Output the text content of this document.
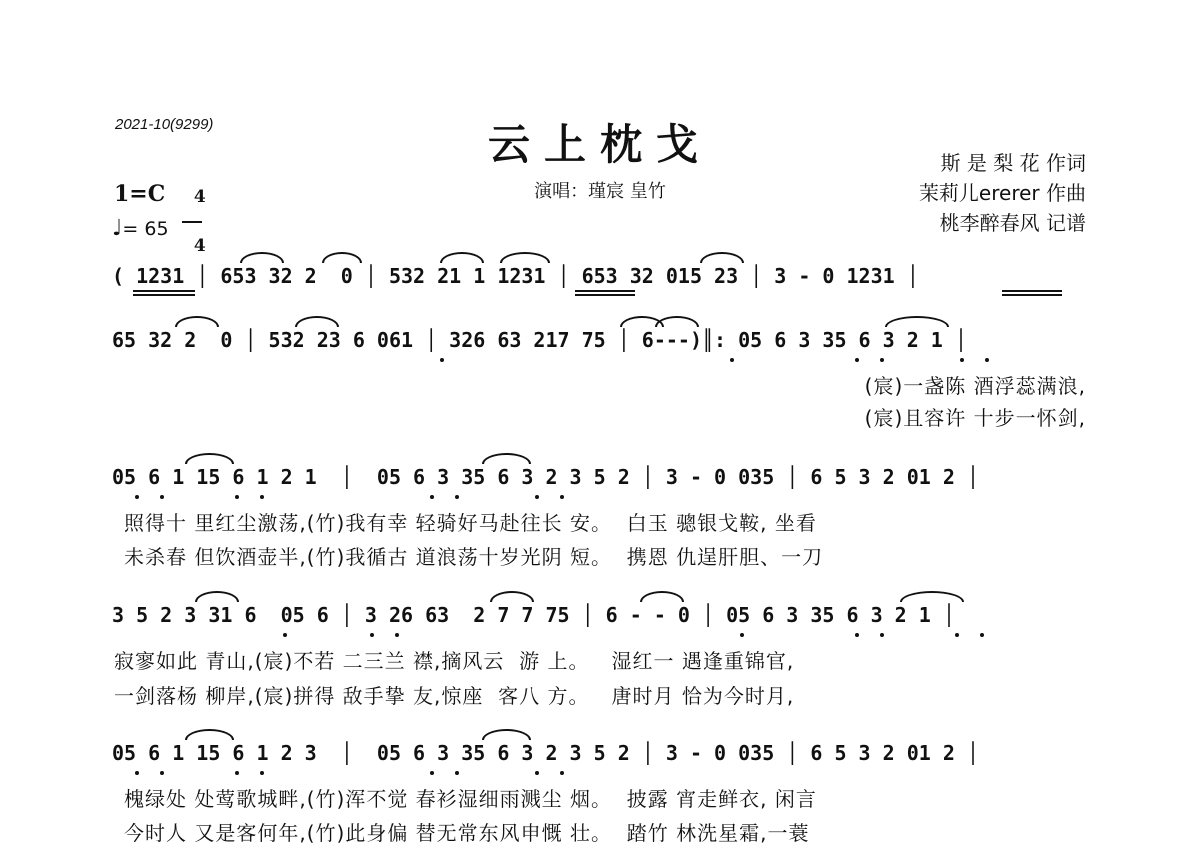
2021-10(9299)	云上枕戈
演唱：瑾宸 皇竹
斯 是 梨 花 作词
茉莉儿ererer 作曲
桃李醉春风 记谱
1=C	4

4

♩= 65
( 1231 │ 653 32 2  0 │ 532 21 1 1231 │ 653 32 015 23 │ 3 - 0 1231 │
65 32 2  0 │ 532 23 6 061 │ 326 63 217 75 │ 6---)║: 05 6 3 35 6 3 2 1 │
05 6 1 15 6 1 2 1  │  05 6 3 35 6 3 2 3 5 2 │ 3 - 0 035 │ 6 5 3 2 01 2 │
3 5 2 3 31 6  05 6 │ 3 26 63  2 7 7 75 │ 6 - - 0 │ 05 6 3 35 6 3 2 1 │
05 6 1 15 6 1 2 3  │  05 6 3 35 6 3 2 3 5 2 │ 3 - 0 035 │ 6 5 3 2 01 2 │
(宸)一盏陈 酒浮蕊满浪,
(宸)且容许 十步一怀剑,
照得十 里红尘激荡,(竹)我有幸 轻骑好马赴往长 安。  白玉 骢银戈鞍, 坐看
未杀春 但饮酒壶半,(竹)我循古 道浪荡十岁光阴 短。  携恩 仇逞肝胆、一刀
寂寥如此 青山,(宸)不若 二三兰 襟,摘风云  游 上。   湿红一 遇逢重锦官,
一剑落杨 柳岸,(宸)拼得 敌手挚 友,惊座  客八 方。   唐时月 恰为今时月,
槐绿处 处莺歌城畔,(竹)浑不觉 春衫湿细雨溅尘 烟。  披露 宵走鲜衣, 闲言
今时人 又是客何年,(竹)此身偏 替无常东风申慨 壮。  踏竹 林洗星霜,一蓑
